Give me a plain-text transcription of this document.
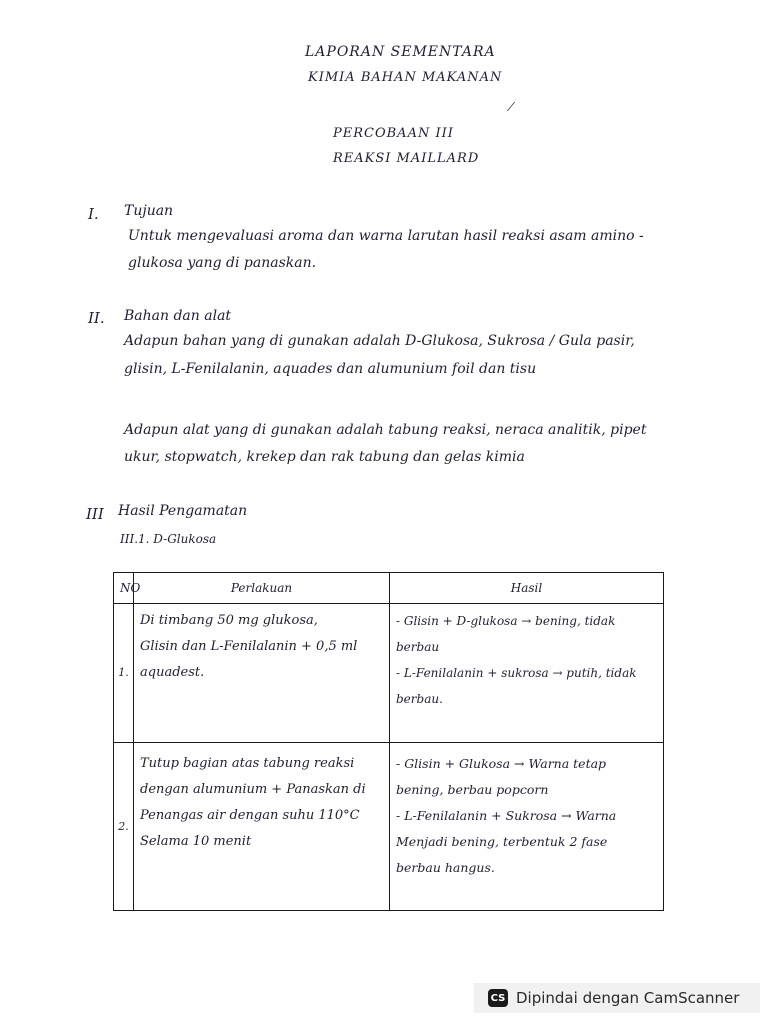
LAPORAN SEMENTARA
KIMIA BAHAN MAKANAN
⁄
PERCOBAAN III
REAKSI MAILLARD
I. Tujuan
Untuk mengevaluasi aroma dan warna larutan hasil reaksi asam amino -
glukosa yang di panaskan.
II. Bahan dan alat
Adapun bahan yang di gunakan adalah D-Glukosa, Sukrosa / Gula pasir,
glisin, L-Fenilalanin, aquades dan alumunium foil dan tisu
Adapun alat yang di gunakan adalah tabung reaksi, neraca analitik, pipet
ukur, stopwatch, krekep dan rak tabung dan gelas kimia
III Hasil Pengamatan
III.1. D-Glukosa
NO	Perlakuan	Hasil
1.	Di timbang 50 mg glukosa,
Glisin dan L-Fenilalanin + 0,5 ml
aquadest.	- Glisin + D-glukosa → bening, tidak
berbau
- L-Fenilalanin + sukrosa → putih, tidak
berbau.

2.	Tutup bagian atas tabung reaksi
dengan alumunium + Panaskan di
Penangas air dengan suhu 110°C
Selama 10 menit	- Glisin + Glukosa → Warna tetap
bening, berbau popcorn
- L-Fenilalanin + Sukrosa → Warna
Menjadi bening, terbentuk 2 fase
berbau hangus.
CS Dipindai dengan CamScanner
